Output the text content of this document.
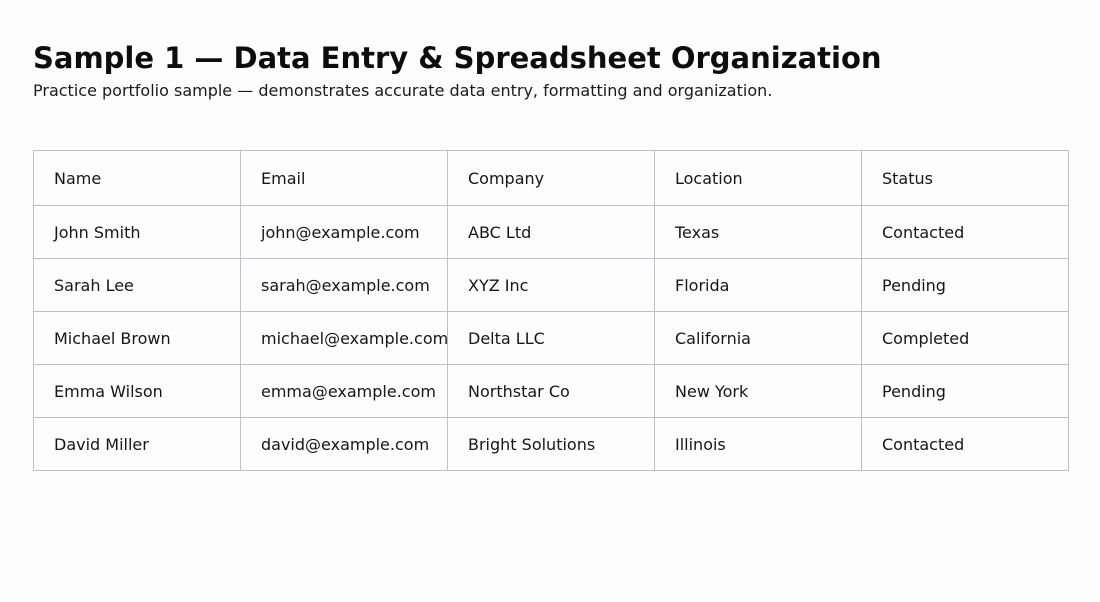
Sample 1 — Data Entry & Spreadsheet Organization

Practice portfolio sample — demonstrates accurate data entry, formatting and organization.

Name	Email	Company	Location	Status
John Smith	john@example.com	ABC Ltd	Texas	Contacted
Sarah Lee	sarah@example.com	XYZ Inc	Florida	Pending
Michael Brown	michael@example.com	Delta LLC	California	Completed
Emma Wilson	emma@example.com	Northstar Co	New York	Pending
David Miller	david@example.com	Bright Solutions	Illinois	Contacted
